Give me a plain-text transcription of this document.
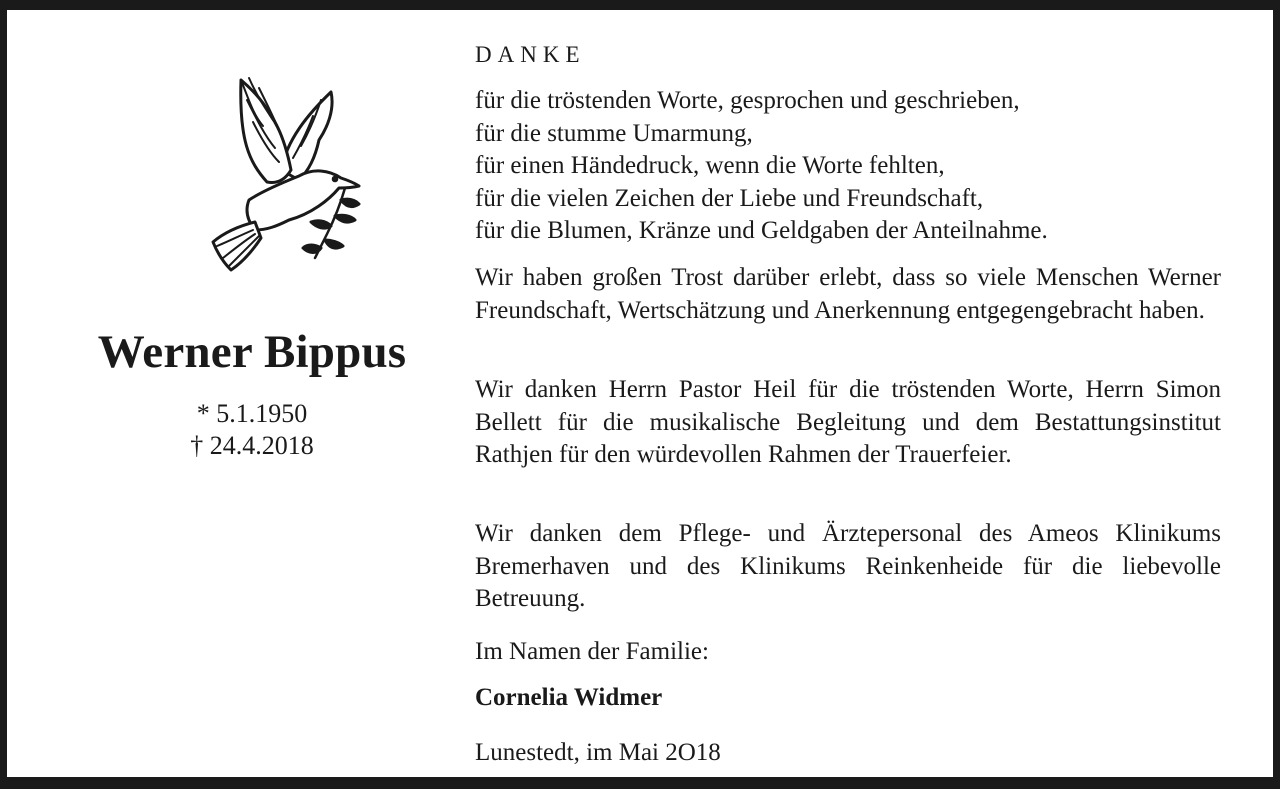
Werner Bippus
* 5.1.1950
† 24.4.2018
DANKE
für die tröstenden Worte, gesprochen und geschrieben,
für die stumme Umarmung,
für einen Händedruck, wenn die Worte fehlten,
für die vielen Zeichen der Liebe und Freundschaft,
für die Blumen, Kränze und Geldgaben der Anteilnahme.
Wir haben großen Trost darüber erlebt, dass so viele Menschen Werner Freundschaft, Wertschätzung und Anerkennung entgegengebracht haben.
Wir danken Herrn Pastor Heil für die tröstenden Worte, Herrn Simon Bellett für die musikalische Begleitung und dem Bestattungsinstitut Rathjen für den würdevollen Rahmen der Trauerfeier.
Wir danken dem Pflege- und Ärztepersonal des Ameos Klinikums Bremerhaven und des Klinikums Reinkenheide für die liebevolle Betreuung.
Im Namen der Familie:
Cornelia Widmer
Lunestedt, im Mai 2O18
